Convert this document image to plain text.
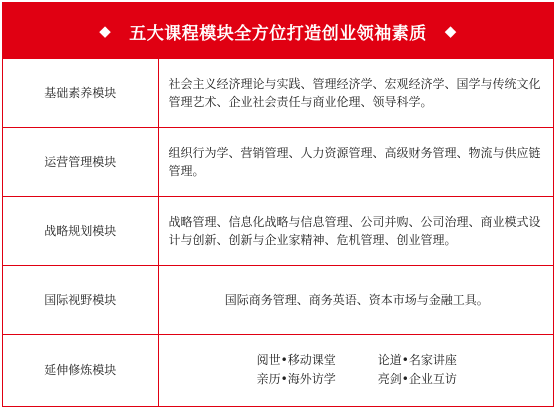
◆ 五大课程模块全方位打造创业领袖素质 ◆
基础素养模块	社会主义经济理论与实践、管理经济学、宏观经济学、国学与传统文化管理艺术、企业社会责任与商业伦理、领导科学。
运营管理模块	组织行为学、营销管理、人力资源管理、高级财务管理、物流与供应链管理。
战略规划模块	战略管理、信息化战略与信息管理、公司并购、公司治理、商业模式设计与创新、创新与企业家精神、危机管理、创业管理。
国际视野模块	国际商务管理、商务英语、资本市场与金融工具。
延伸修炼模块	阅世•移动课堂 论道•名家讲座
亲历•海外访学 亮剑•企业互访
